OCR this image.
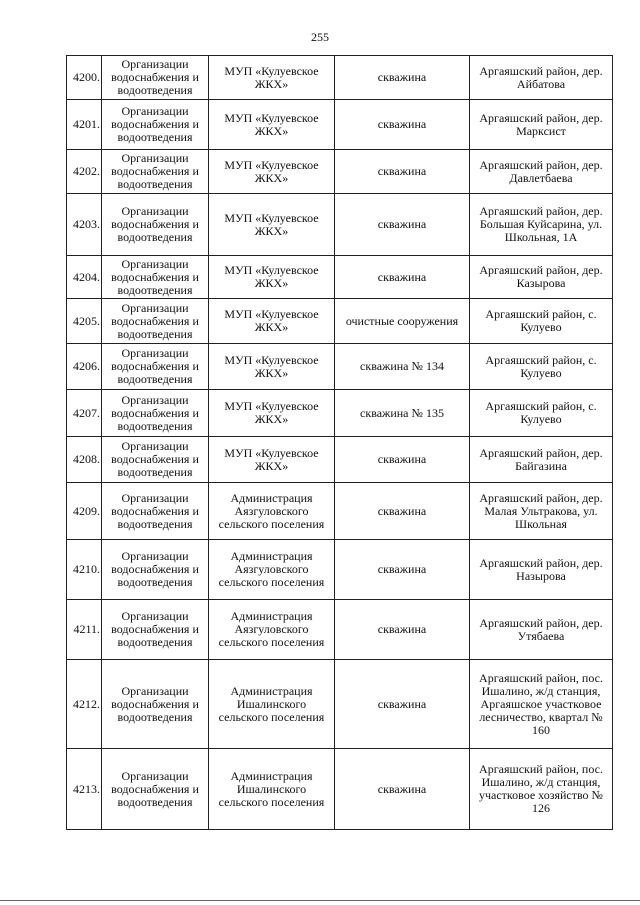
255
4200.	Организации водоснабжения и водоотведения	МУП «Кулуевское ЖКХ»	скважина	Аргаяшский район, дер. Айбатова
4201.	Организации водоснабжения и водоотведения	МУП «Кулуевское ЖКХ»	скважина	Аргаяшский район, дер. Марксист
4202.	Организации водоснабжения и водоотведения	МУП «Кулуевское ЖКХ»	скважина	Аргаяшский район, дер. Давлетбаева
4203.	Организации водоснабжения и водоотведения	МУП «Кулуевское ЖКХ»	скважина	Аргаяшский район, дер. Большая Куйсарина, ул. Школьная, 1А
4204.	Организации водоснабжения и водоотведения	МУП «Кулуевское ЖКХ»	скважина	Аргаяшский район, дер. Казырова
4205.	Организации водоснабжения и водоотведения	МУП «Кулуевское ЖКХ»	очистные сооружения	Аргаяшский район, с. Кулуево
4206.	Организации водоснабжения и водоотведения	МУП «Кулуевское ЖКХ»	скважина № 134	Аргаяшский район, с. Кулуево
4207.	Организации водоснабжения и водоотведения	МУП «Кулуевское ЖКХ»	скважина № 135	Аргаяшский район, с. Кулуево
4208.	Организации водоснабжения и водоотведения	МУП «Кулуевское ЖКХ»	скважина	Аргаяшский район, дер. Байгазина
4209.	Организации водоснабжения и водоотведения	Администрация Аязгуловского сельского поселения	скважина	Аргаяшский район, дер. Малая Ультракова, ул. Школьная
4210.	Организации водоснабжения и водоотведения	Администрация Аязгуловского сельского поселения	скважина	Аргаяшский район, дер. Назырова
4211.	Организации водоснабжения и водоотведения	Администрация Аязгуловского сельского поселения	скважина	Аргаяшский район, дер. Утябаева
4212.	Организации водоснабжения и водоотведения	Администрация Ишалинского сельского поселения	скважина	Аргаяшский район, пос. Ишалино, ж/д станция, Аргаяшское участковое лесничество, квартал № 160
4213.	Организации водоснабжения и водоотведения	Администрация Ишалинского сельского поселения	скважина	Аргаяшский район, пос. Ишалино, ж/д станция, участковое хозяйство № 126
